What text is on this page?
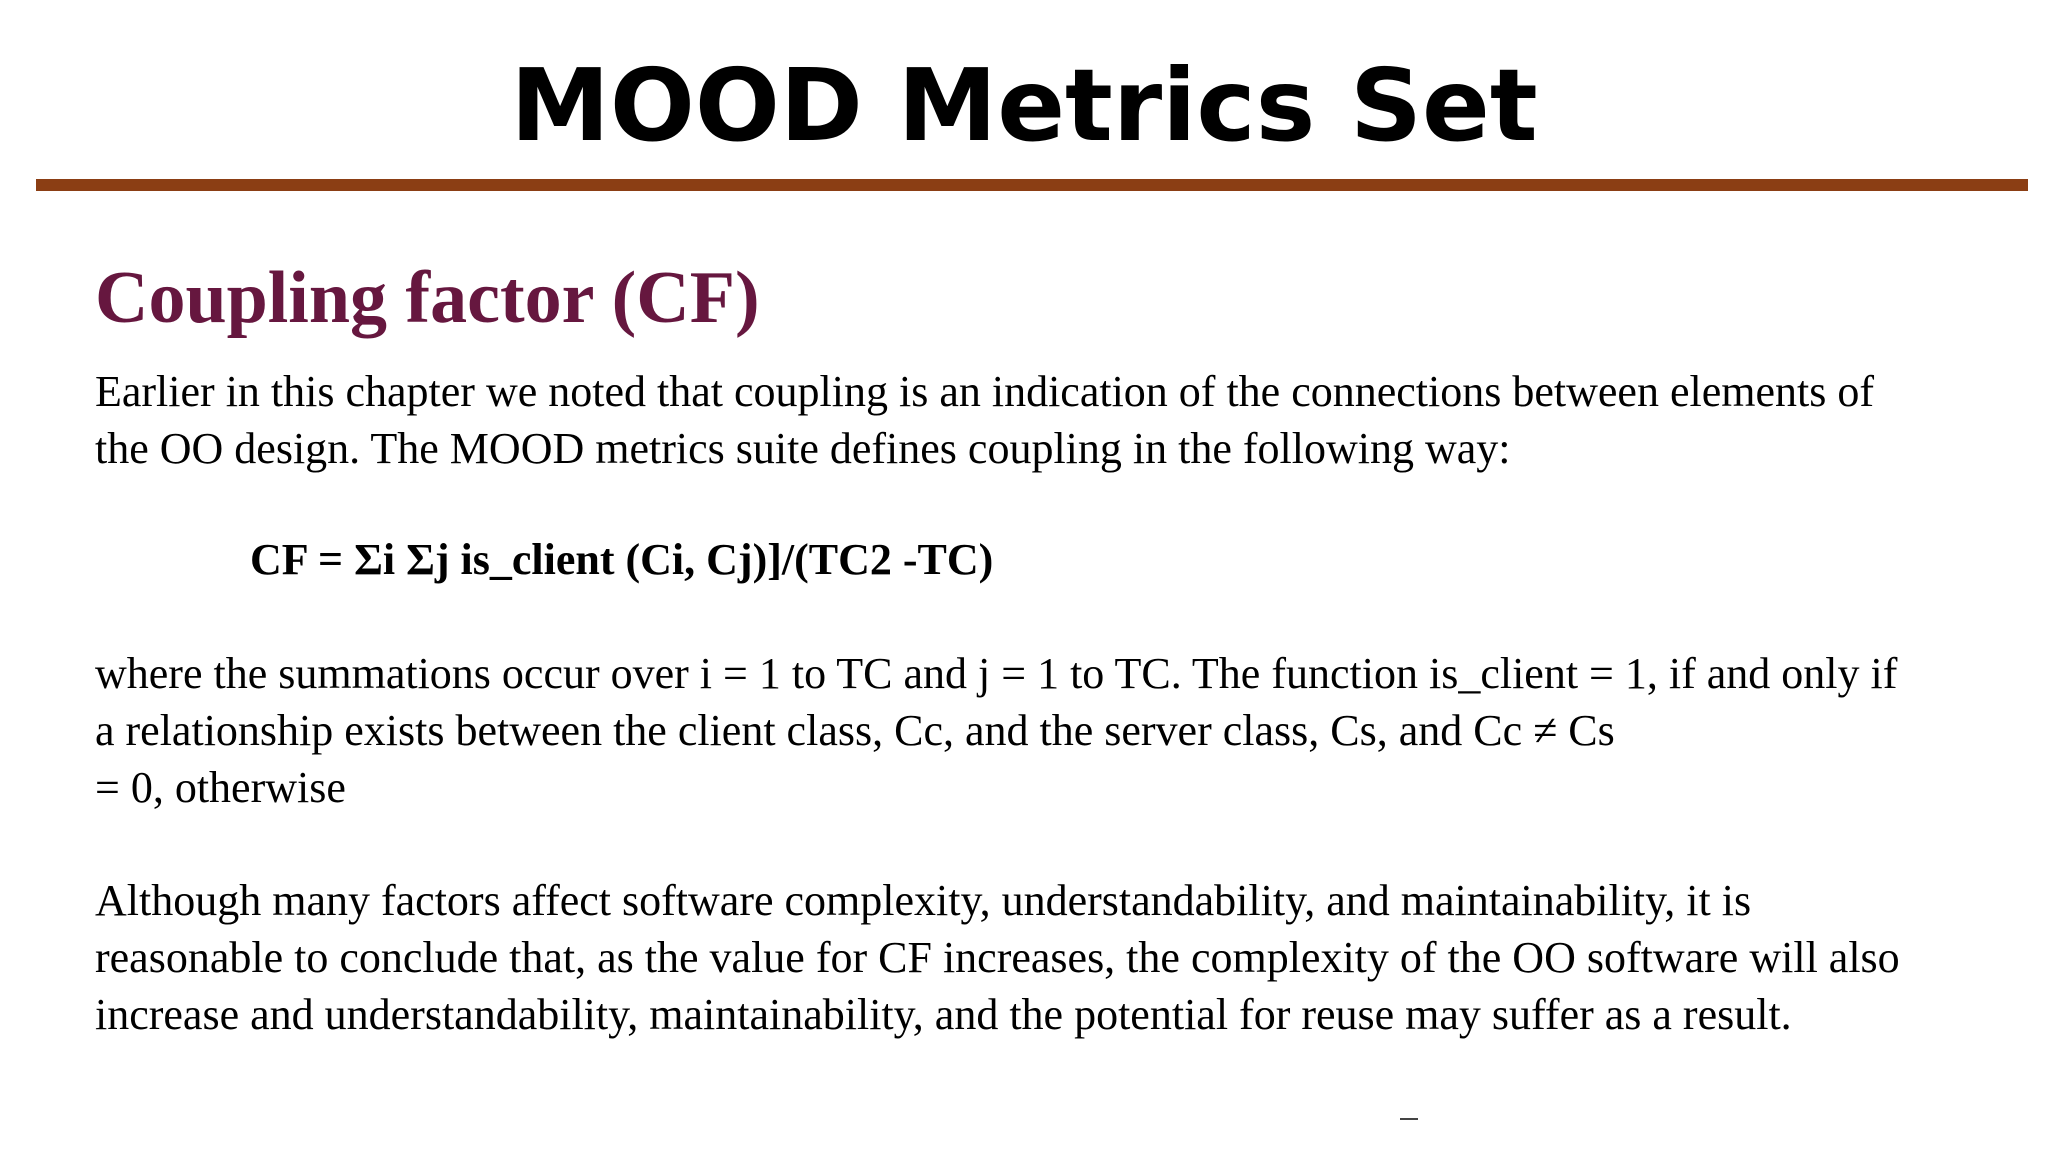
MOOD Metrics Set
Coupling factor (CF)

Earlier in this chapter we noted that coupling is an indication of the connections between elements of
the OO design. The MOOD metrics suite defines coupling in the following way:

CF = Σi Σj is_client (Ci, Cj)]/(TC2 -TC)

where the summations occur over i = 1 to TC and j = 1 to TC. The function is_client = 1, if and only if
a relationship exists between the client class, Cc, and the server class, Cs, and Cc ≠ Cs
= 0, otherwise

Although many factors affect software complexity, understandability, and maintainability, it is
reasonable to conclude that, as the value for CF increases, the complexity of the OO software will also
increase and understandability, maintainability, and the potential for reuse may suffer as a result.
